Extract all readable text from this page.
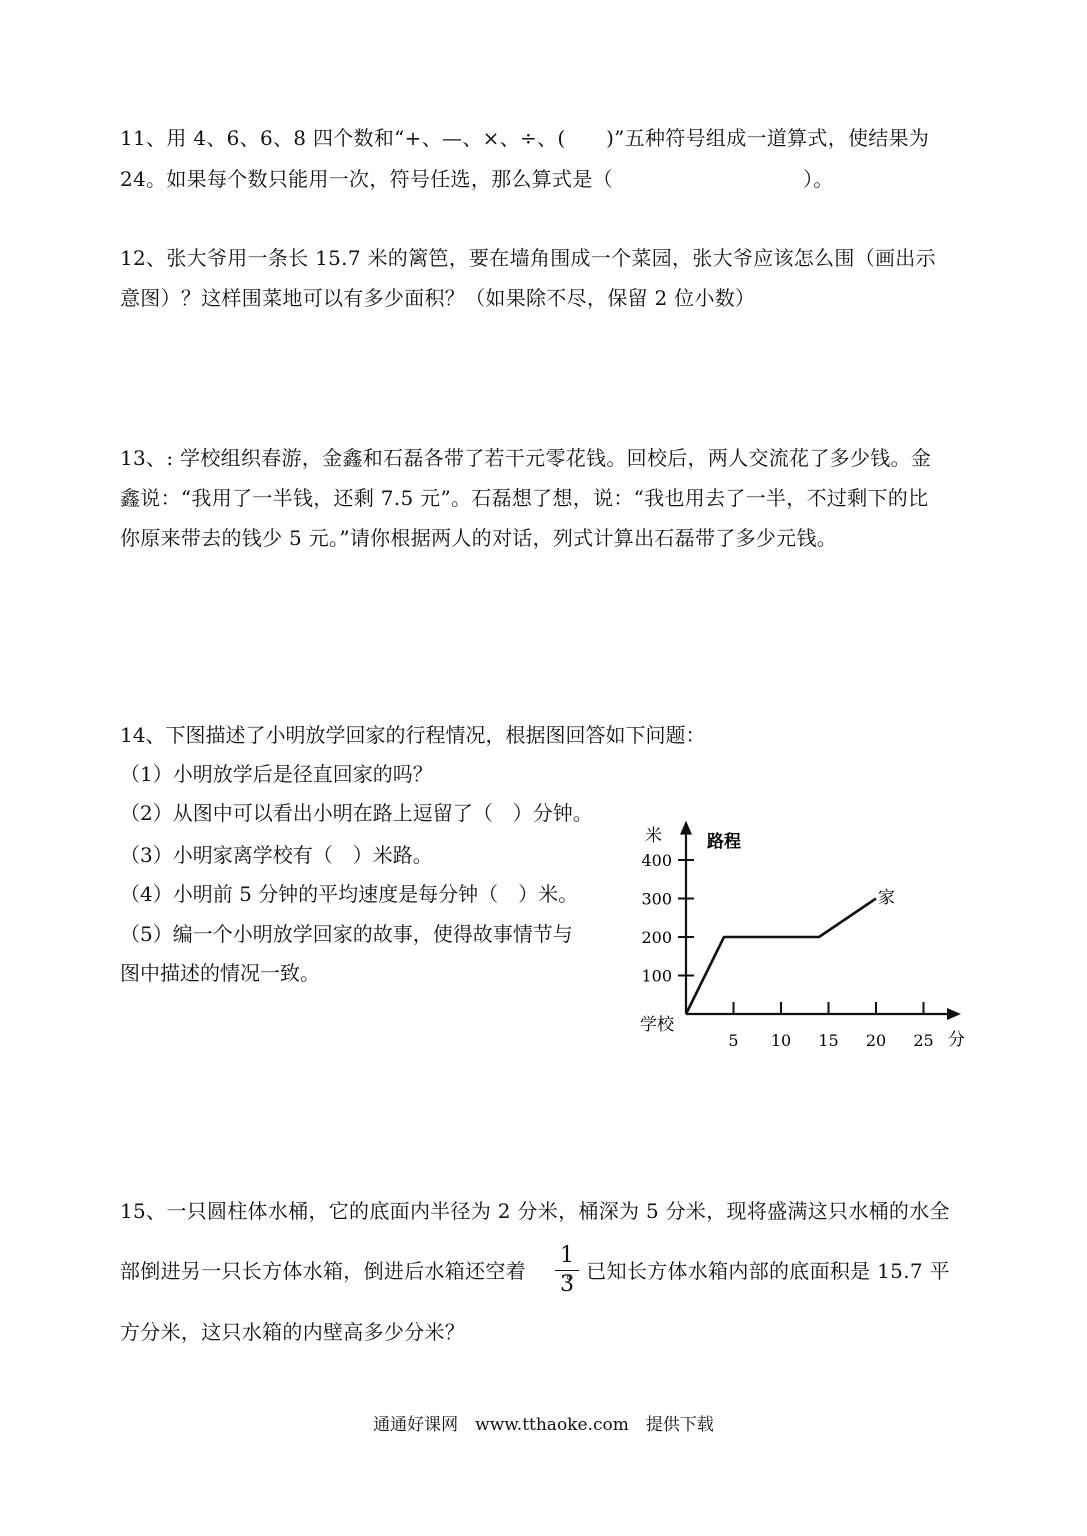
11、用 4、6、6、8 四个数和“+、—、×、÷、(　　)”五种符号组成一道算式，使结果为
24。如果每个数只能用一次，符号任选，那么算式是（	）。
12、张大爷用一条长 15.7 米的篱笆，要在墙角围成一个菜园，张大爷应该怎么围（画出示
意图）？这样围菜地可以有多少面积？（如果除不尽，保留 2 位小数）
13、: 学校组织春游，金鑫和石磊各带了若干元零花钱。回校后，两人交流花了多少钱。金
鑫说：“我用了一半钱，还剩 7.5 元”。石磊想了想，说：“我也用去了一半，不过剩下的比
你原来带去的钱少 5 元。”请你根据两人的对话，列式计算出石磊带了多少元钱。
14、下图描述了小明放学回家的行程情况，根据图回答如下问题：
（1）小明放学后是径直回家的吗？
（2）从图中可以看出小明在路上逗留了（　）分钟。
（3）小明家离学校有（　）米路。
（4）小明前 5 分钟的平均速度是每分钟（　）米。
（5）编一个小明放学回家的故事，使得故事情节与
图中描述的情况一致。
5 10 15 20 25
100
200
300
400
米	路程
分
学校
家
15、一只圆柱体水桶，它的底面内半径为 2 分米，桶深为 5 分米，现将盛满这只水桶的水全
部倒进另一只长方体水箱，倒进后水箱还空着 。已知长方体水箱内部的底面积是 15.7 平
1
3
方分米，这只水箱的内壁高多少分米？
通通好课网　www.tthaoke.com　提供下载
